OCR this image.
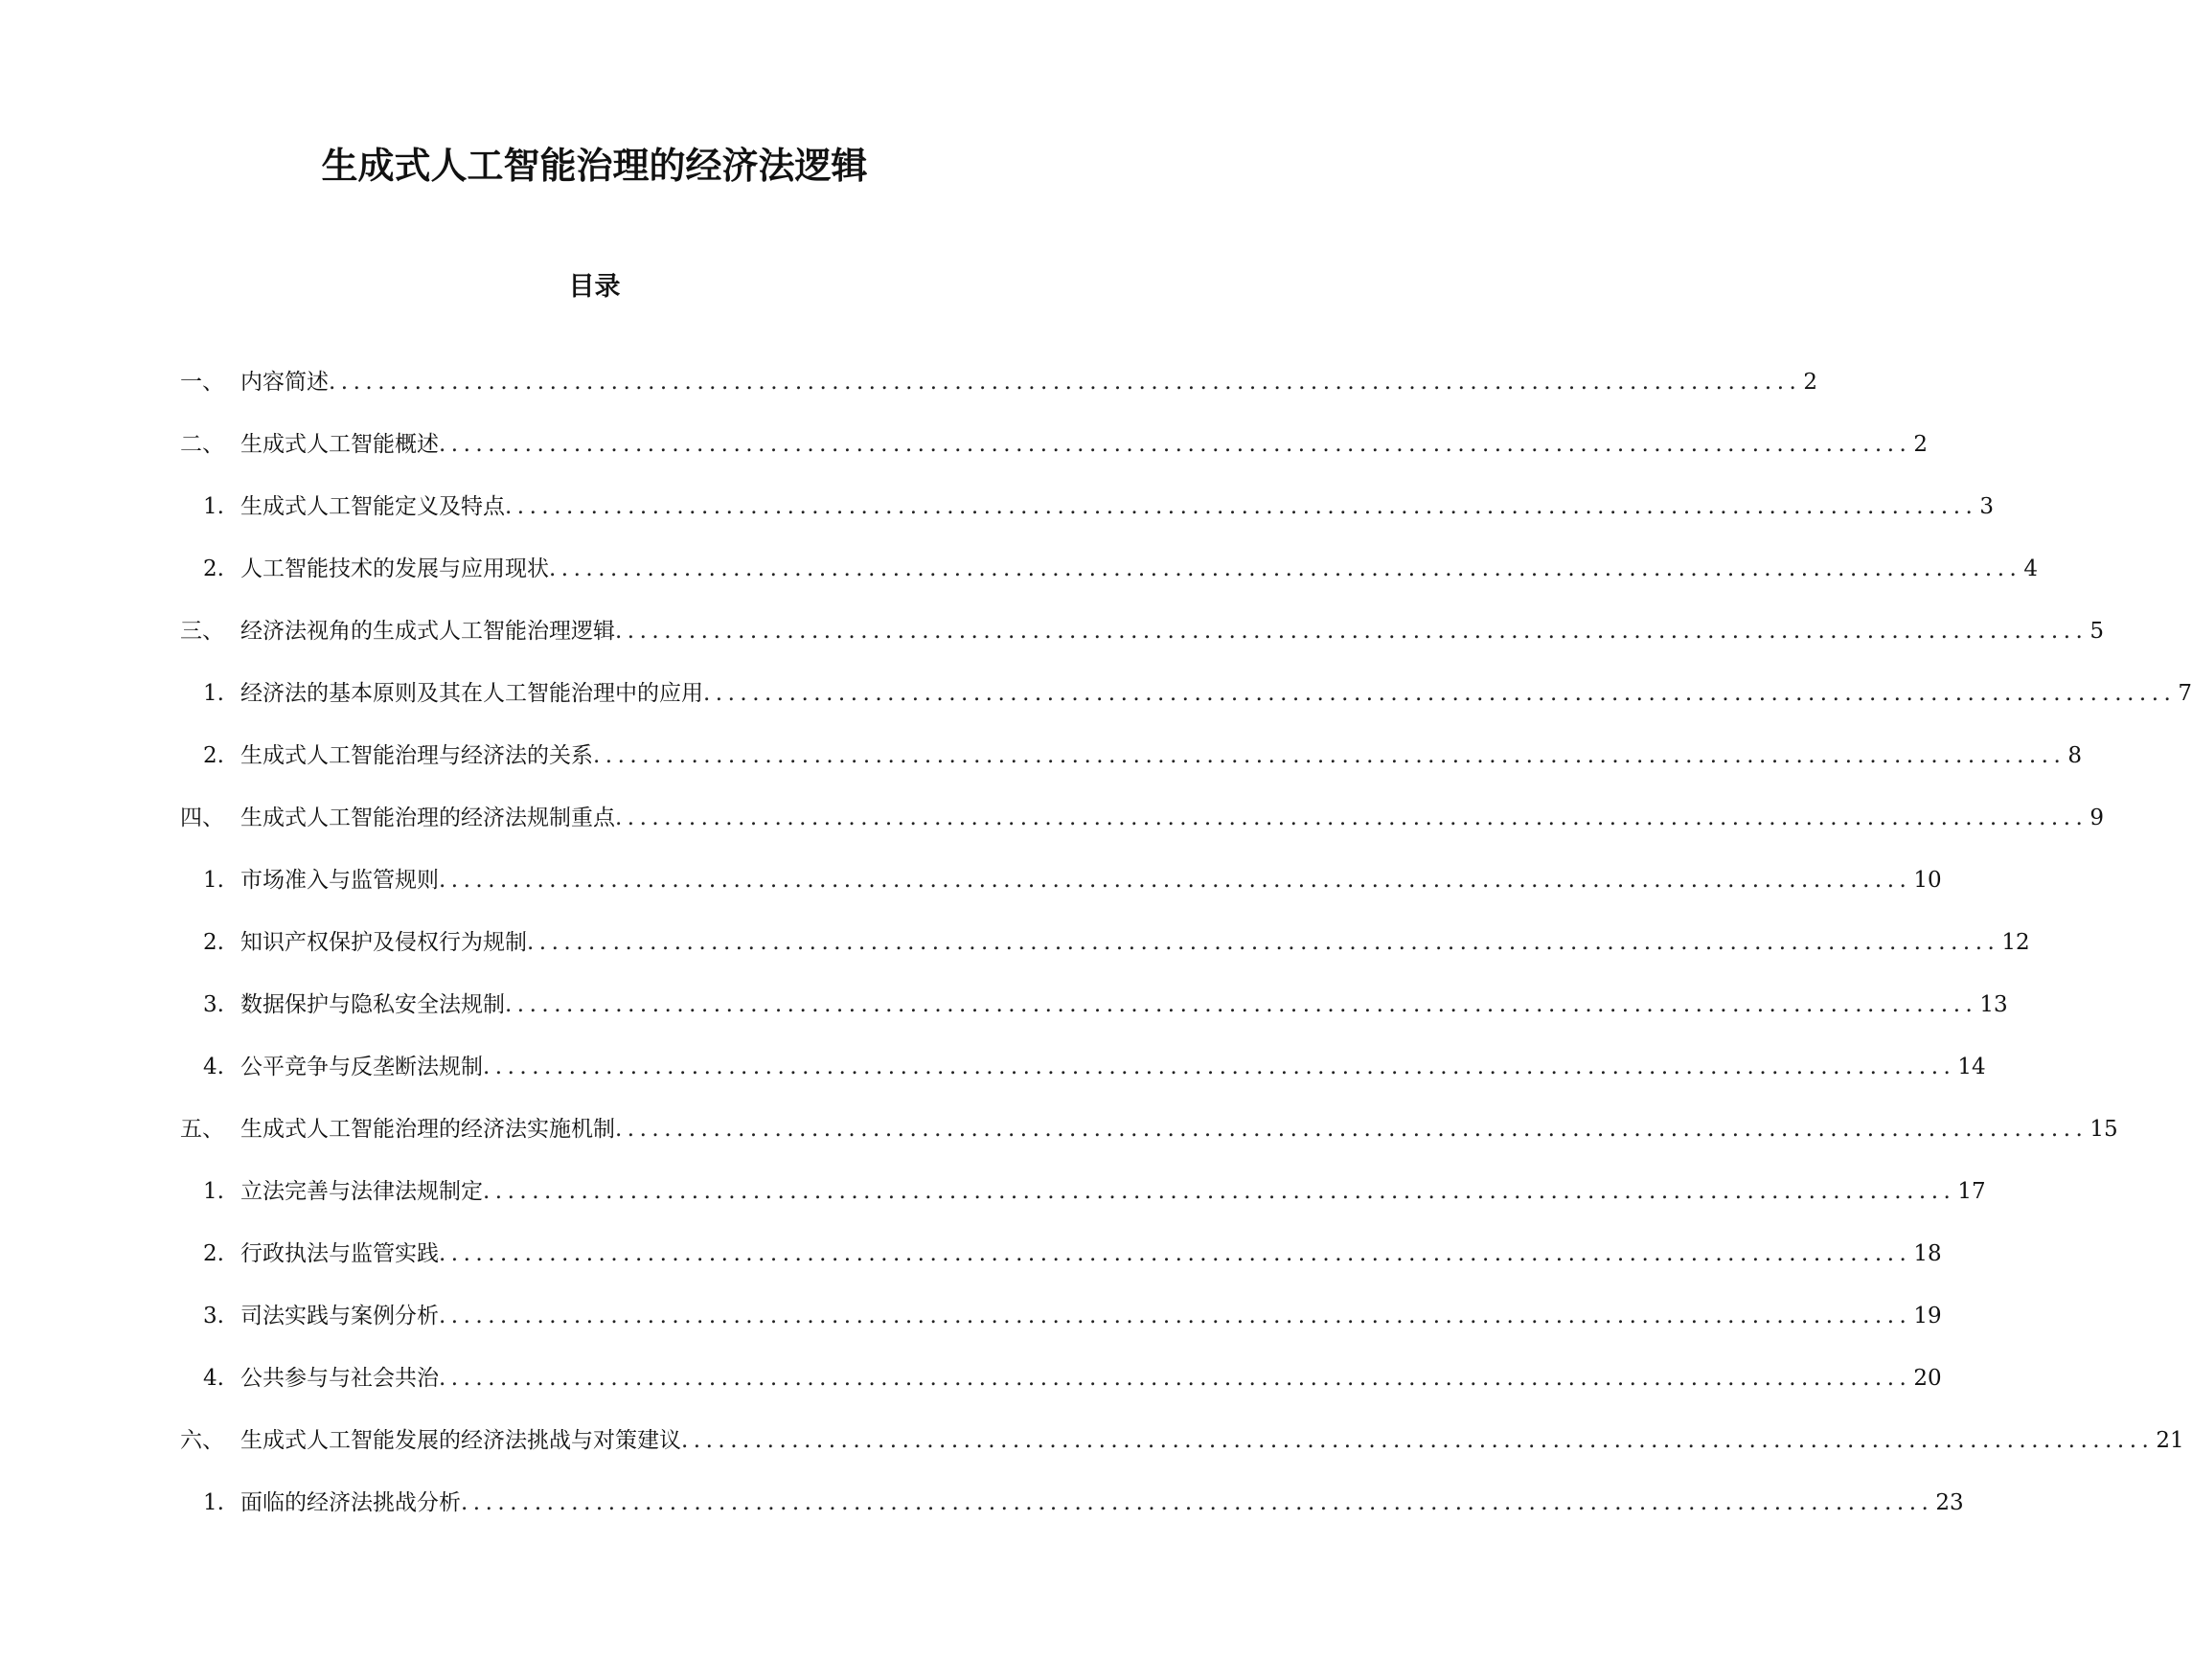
生成式人工智能治理的经济法逻辑
目录
一、 内容简述 ........................................................................................................................ 2
二、 生成式人工智能概述 ........................................................................................................................ 2
1. 生成式人工智能定义及特点 ........................................................................................................................ 3
2. 人工智能技术的发展与应用现状 ........................................................................................................................ 4
三、 经济法视角的生成式人工智能治理逻辑 ........................................................................................................................ 5
1. 经济法的基本原则及其在人工智能治理中的应用 ........................................................................................................................ 7
2. 生成式人工智能治理与经济法的关系 ........................................................................................................................ 8
四、 生成式人工智能治理的经济法规制重点 ........................................................................................................................ 9
1. 市场准入与监管规则 ........................................................................................................................ 10
2. 知识产权保护及侵权行为规制 ........................................................................................................................ 12
3. 数据保护与隐私安全法规制 ........................................................................................................................ 13
4. 公平竞争与反垄断法规制 ........................................................................................................................ 14
五、 生成式人工智能治理的经济法实施机制 ........................................................................................................................ 15
1. 立法完善与法律法规制定 ........................................................................................................................ 17
2. 行政执法与监管实践 ........................................................................................................................ 18
3. 司法实践与案例分析 ........................................................................................................................ 19
4. 公共参与与社会共治 ........................................................................................................................ 20
六、 生成式人工智能发展的经济法挑战与对策建议 ........................................................................................................................ 21
1. 面临的经济法挑战分析 ........................................................................................................................ 23
